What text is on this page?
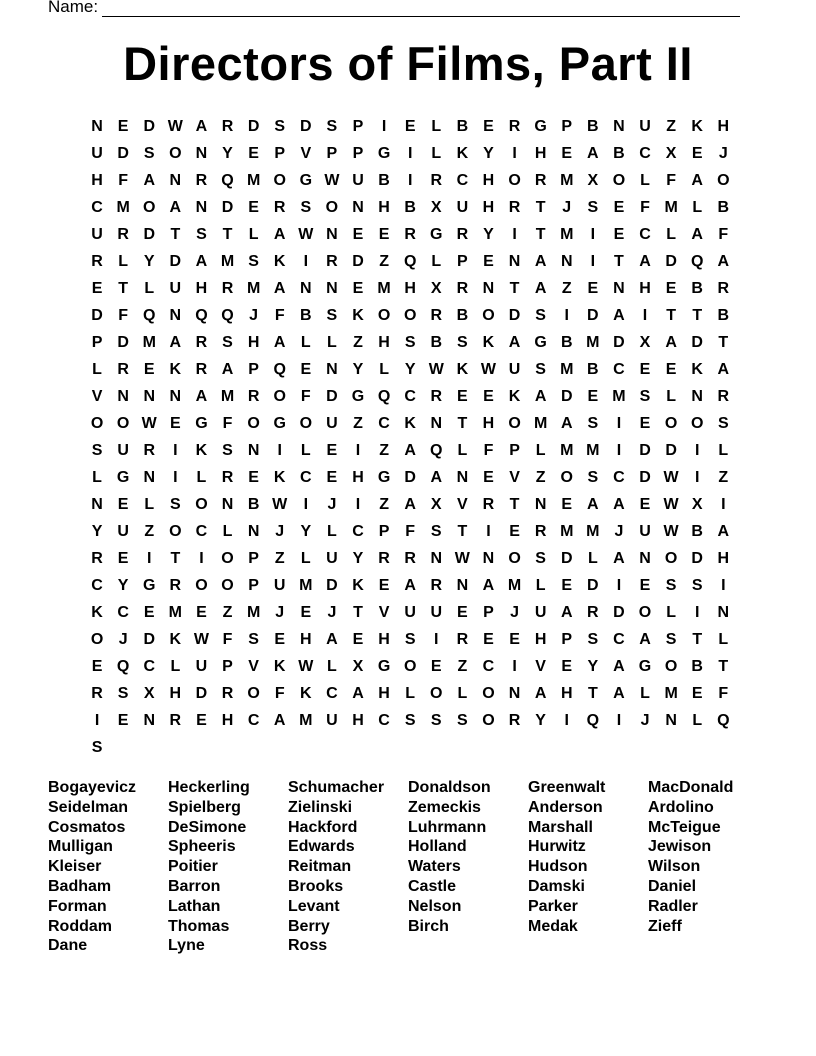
Name:
Directors of Films, Part II
N E D W A R D S D S P	I	E L B E R G P B N U Z K H
U D S O N Y E P V P P G	I	L K Y	I	H E A B C X E	J
H F A N R Q M O G W U B	I	R C H O R M X O L	F A O
C M O A N D E R S O N H B X U H R T	J	S E F M L B
U R D T S T	L A W N E E R G R Y	I	T M	I	E C L A F
R L Y D A M S K	I	R D Z Q L P E N A N	I	T A D Q A
E T	L U H R M A N N E M H X R N T A Z E N H E B R
D F Q N Q Q J	F B S K O O R B O D S	I	D A	I	T	T B
P D M A R S H A L	L	Z H S B S K A G B M D X A D T
L R E K R A P Q E N Y L Y W K W U S M B C E E K A
V N N N A M R O F D G Q C R E E K A D E M S L N R
O O W E G F O G O U Z C K N T H O M A S	I	E O O S
S U R	I	K S N	I	L E	I	Z A Q L	F P L M M	I	D D	I	L
L G N	I	L R E K C E H G D A N E V Z O S C D W	I	Z
N E L S O N B W	I	J	I	Z A X V R T N E A A E W X	I
Y U Z O C L N J	Y L C P F S T	I	E R M M J U W B A
R E	I	T	I	O P Z	L U Y R R N W N O S D L A N O D H
C Y G R O O P U M D K E A R N A M L E D	I	E S S	I
K C E M E Z M J	E	J	T V U U E P	J U A R D O L	I	N
O J D K W F S E H A E H S	I	R E E H P S C A S T	L
E Q C L U P V K W L X G O E Z C	I	V E Y A G O B T
R S X H D R O F K C A H L O L O N A H T A L M E F
I	E N R E H C A M U H C S S S O R Y	I	Q	I	J N L Q
S
Bogayevicz	Heckerling	Schumacher	Donaldson	Greenwalt	MacDonald
Seidelman	Spielberg	Zielinski	Zemeckis	Anderson	Ardolino
Cosmatos	DeSimone	Hackford	Luhrmann	Marshall	McTeigue
Mulligan	Spheeris	Edwards	Holland	Hurwitz	Jewison
Kleiser	Poitier	Reitman	Waters	Hudson	Wilson
Badham	Barron	Brooks	Castle	Damski	Daniel
Forman	Lathan	Levant	Nelson	Parker	Radler
Roddam	Thomas	Berry	Birch	Medak	Zieff
Dane	Lyne	Ross
